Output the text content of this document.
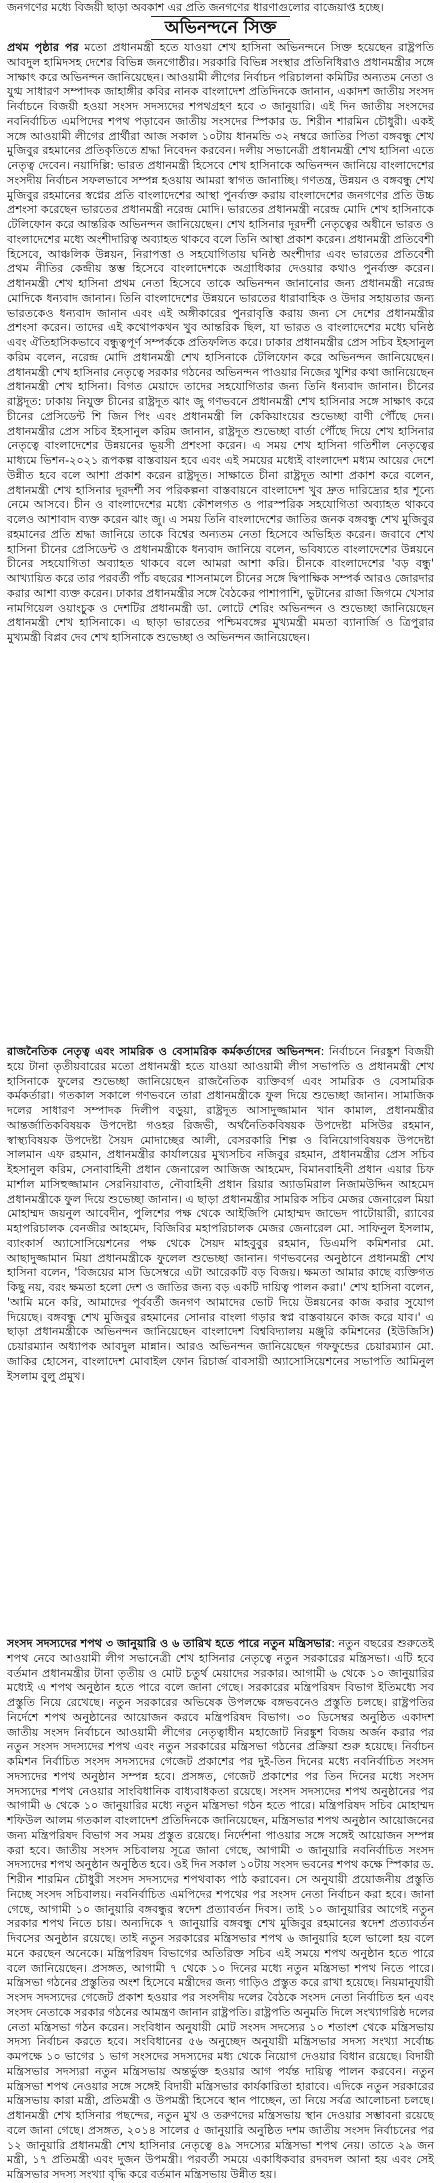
জনগণের মধ্যে বিজয়ী ছাড়া অবকাশ এর প্রতি জনগণের ধারণাগুলোর বাজেয়াপ্ত হচ্ছে।

অভিনন্দনে সিক্ত

প্রথম পৃষ্ঠার পর মতো প্রধানমন্ত্রী হতে যাওয়া শেখ হাসিনা অভিনন্দনে সিক্ত হয়েছেন রাষ্ট্রপতি আবদুল হামিদসহ দেশের বিভিন্ন জনগোষ্ঠীর। সরকারি বিভিন্ন সংস্থার প্রতিনিধিরাও প্রধানমন্ত্রীর সঙ্গে সাক্ষাৎ করে অভিনন্দন জানিয়েছেন। আওয়ামী লীগের নির্বাচন পরিচালনা কমিটির অন্যতম নেতা ও যুগ্ম সাধারণ সম্পাদক জাহাঙ্গীর কবির নানক বাংলাদেশ প্রতিদিনকে জানান, একাদশ জাতীয় সংসদ নির্বাচনে বিজয়ী হওয়া সংসদ সদস্যদের শপথগ্রহণ হবে ৩ জানুয়ারি। এই দিন জাতীয় সংসদের নবনির্বাচিত এমপিদের শপথ পড়াবেন জাতীয় সংসদের স্পিকার ড. শিরীন শারমিন চৌধুরী। একই সঙ্গে আওয়ামী লীগের প্রার্থীরা আজ সকাল ১০টায় ধানমন্ডি ৩২ নম্বরে জাতির পিতা বঙ্গবন্ধু শেখ মুজিবুর রহমানের প্রতিকৃতিতে শ্রদ্ধা নিবেদন করবেন। দলীয় সভানেত্রী প্রধানমন্ত্রী শেখ হাসিনা এতে নেতৃত্ব দেবেন। নয়াদিল্লি: ভারত প্রধানমন্ত্রী হিসেবে শেখ হাসিনাকে অভিনন্দন জানিয়ে বাংলাদেশের সংসদীয় নির্বাচন সফলভাবে সম্পন্ন হওয়ায় আমরা স্বাগত জানাচ্ছি। গণতন্ত্র, উন্নয়ন ও বঙ্গবন্ধু শেখ মুজিবুর রহমানের স্বপ্নের প্রতি বাংলাদেশের আস্থা পুনর্ব্যক্ত করায় বাংলাদেশের জনগণের প্রতি উচ্চ প্রশংসা করেছেন ভারতের প্রধানমন্ত্রী নরেন্দ্র মোদি। ভারতের প্রধানমন্ত্রী নরেন্দ্র মোদি শেখ হাসিনাকে টেলিফোন করে আন্তরিক অভিনন্দন জানিয়েছেন। শেখ হাসিনার দূরদর্শী নেতৃত্বের অধীনে ভারত ও বাংলাদেশের মধ্যে অংশীদারিত্ব অব্যাহত থাকবে বলে তিনি আস্থা প্রকাশ করেন। প্রধানমন্ত্রী প্রতিবেশী হিসেবে, আঞ্চলিক উন্নয়ন, নিরাপত্তা ও সহযোগিতায় ঘনিষ্ঠ অংশীদার এবং ভারতের প্রতিবেশী প্রথম নীতির কেন্দ্রীয় স্তম্ভ হিসেবে বাংলাদেশকে অগ্রাধিকার দেওয়ার কথাও পুনর্ব্যক্ত করেন। প্রধানমন্ত্রী শেখ হাসিনা প্রথম নেতা হিসেবে তাকে অভিনন্দন জানানোর জন্য প্রধানমন্ত্রী নরেন্দ্র মোদিকে ধন্যবাদ জানান। তিনি বাংলাদেশের উন্নয়নে ভারতের ধারাবাহিক ও উদার সহায়তার জন্য ভারতকেও ধন্যবাদ জানান এবং এই অঙ্গীকারের পুনরাবৃত্তি করায় জন্য সে দেশের প্রধানমন্ত্রীর প্রশংসা করেন। তাদের এই কথোপকথন খুব আন্তরিক ছিল, যা ভারত ও বাংলাদেশের মধ্যে ঘনিষ্ঠ এবং ঐতিহাসিকভাবে বন্ধুত্বপূর্ণ সম্পর্ককে প্রতিফলিত করে। ঢাকার প্রধানমন্ত্রীর প্রেস সচিব ইহসানুল করিম বলেন, নরেন্দ্র মোদি প্রধানমন্ত্রী শেখ হাসিনাকে টেলিফোন করে অভিনন্দন জানিয়েছেন। প্রধানমন্ত্রী শেখ হাসিনার নেতৃত্বে সরকার গঠনের অভিনন্দন পাওয়ার নিজের খুশির কথা জানিয়েছেন প্রধানমন্ত্রী শেখ হাসিনা। বিগত মেয়াদে তাদের সহযোগিতার জন্য তিনি ধন্যবাদ জানান। চীনের রাষ্ট্রদূত: ঢাকায় নিযুক্ত চীনের রাষ্ট্রদূত ঝাং জু গণভবনে প্রধানমন্ত্রী শেখ হাসিনার সঙ্গে সাক্ষাৎ করে চীনের প্রেসিডেন্ট শি জিন পিং এবং প্রধানমন্ত্রী লি কেকিয়াংয়ের শুভেচ্ছা বাণী পৌঁছে দেন। প্রধানমন্ত্রীর প্রেস সচিব ইহসানুল করিম জানান, রাষ্ট্রদূত শুভেচ্ছা বার্তা পৌঁছে দিয়ে শেখ হাসিনার নেতৃত্বে বাংলাদেশের উন্নয়নের ভূয়সী প্রশংসা করেন। এ সময় শেখ হাসিনা গতিশীল নেতৃত্বের মাধ্যমে ভিশন-২০২১ রূপকল্প বাস্তবায়ন হবে এবং এই সময়ের মধ্যেই বাংলাদেশ মধ্যম আয়ের দেশে উন্নীত হবে বলে আশা প্রকাশ করেন রাষ্ট্রদূত। সাক্ষাতে চীনা রাষ্ট্রদূত আশা প্রকাশ করে বলেন, প্রধানমন্ত্রী শেখ হাসিনার দূরদর্শী সব পরিকল্পনা বাস্তবায়নে বাংলাদেশ খুব দ্রুত দারিদ্র্যের হার শূন্যে নেমে আসবে। চীন ও বাংলাদেশের মধ্যে কৌশলগত ও পারস্পরিক সহযোগিতা অব্যাহত থাকবে বলেও আশাবাদ ব্যক্ত করেন ঝাং জু। এ সময় তিনি বাংলাদেশের জাতির জনক বঙ্গবন্ধু শেখ মুজিবুর রহমানের প্রতি শ্রদ্ধা জানিয়ে তাকে বিশ্বের অন্যতম নেতা হিসেবে অভিহিত করেন। জবাবে শেখ হাসিনা চীনের প্রেসিডেন্ট ও প্রধানমন্ত্রীকে ধন্যবাদ জানিয়ে বলেন, ভবিষ্যতে বাংলাদেশের উন্নয়নে চীনের সহযোগিতা অব্যাহত থাকবে বলে আমরা আশা করি। চীনকে বাংলাদেশের 'বড় বন্ধু' আখ্যায়িত করে তার পরবর্তী পাঁচ বছরের শাসনামলে চীনের সঙ্গে দ্বিপাক্ষিক সম্পর্ক আরও জোরদার করার আশা ব্যক্ত করেন। ঢাকার প্রধানমন্ত্রীর সঙ্গে বৈঠকের পাশাপাশি, ভুটানের রাজা জিগমে খেসার নামগিয়েল ওয়াংচুক ও দেশটির প্রধানমন্ত্রী ডা. লোটে শেরিং অভিনন্দন ও শুভেচ্ছা জানিয়েছেন প্রধানমন্ত্রী শেখ হাসিনাকে। এ ছাড়া ভারতের পশ্চিমবঙ্গের মুখ্যমন্ত্রী মমতা ব্যানার্জি ও ত্রিপুরার মুখ্যমন্ত্রী বিপ্লব দেব শেখ হাসিনাকে শুভেচ্ছা ও অভিনন্দন জানিয়েছেন।

রাজনৈতিক নেতৃত্ব এবং সামরিক ও বেসামরিক কর্মকর্তাদের অভিনন্দন: নির্বাচনে নিরঙ্কুশ বিজয়ী হয়ে টানা তৃতীয়বারের মতো প্রধানমন্ত্রী হতে যাওয়া আওয়ামী লীগ সভাপতি ও প্রধানমন্ত্রী শেখ হাসিনাকে ফুলের শুভেচ্ছা জানিয়েছেন রাজনৈতিক ব্যক্তিবর্গ এবং সামরিক ও বেসামরিক কর্মকর্তারা। গতকাল সকালে গণভবনে তারা প্রধানমন্ত্রীকে ফুল দিয়ে শুভেচ্ছা জানান। সামাজিক দলের সাধারণ সম্পাদক দিলীপ বড়ুয়া, রাষ্ট্রদূত আসাদুজ্জামান খান কামাল, প্রধানমন্ত্রীর আন্তর্জাতিকবিষয়ক উপদেষ্টা গওহর রিজভী, অর্থনৈতিকবিষয়ক উপদেষ্টা মসিউর রহমান, স্বাস্থ্যবিষয়ক উপদেষ্টা সৈয়দ মোদাচ্ছের আলী, বেসরকারি শিল্প ও বিনিয়োগবিষয়ক উপদেষ্টা সালমান এফ রহমান, প্রধানমন্ত্রীর কার্যালয়ের মুখ্যসচিব নজিবুর রহমান, প্রধানমন্ত্রীর প্রেস সচিব ইহসানুল করিম, সেনাবাহিনী প্রধান জেনারেল আজিজ আহমেদ, বিমানবাহিনী প্রধান এয়ার চিফ মার্শাল মাসিহুজ্জামান সেরনিয়াবাত, নৌবাহিনী প্রধান রিয়ার অ্যাডমিরাল নিজামউদ্দিন আহমেদ প্রধানমন্ত্রীকে ফুল দিয়ে শুভেচ্ছা জানান। এ ছাড়া প্রধানমন্ত্রীর সামরিক সচিব মেজর জেনারেল মিয়া মোহাম্মদ জয়নুল আবেদীন, পুলিশের পক্ষ থেকে আইজিপি মোহাম্মদ জাভেদ পাটোয়ারী, র‍্যাবের মহাপরিচালক বেনজীর আহমেদ, বিজিবির মহাপরিচালক মেজর জেনারেল মো. সাফিনুল ইসলাম, ব্যাংকার্স অ্যাসোসিয়েশনের পক্ষ থেকে সৈয়দ মাহবুবুর রহমান, ডিএমপি কমিশনার মো. আছাদুজ্জামান মিয়া প্রধানমন্ত্রীকে ফুলেল শুভেচ্ছা জানান। গণভবনের অনুষ্ঠানে প্রধানমন্ত্রী শেখ হাসিনা বলেন, 'বিজয়ের মাস ডিসেম্বরে এটা আরেকটি বড় বিজয়। ক্ষমতা আমার কাছে ব্যক্তিগত কিছু নয়, বরং ক্ষমতা হলো দেশ ও জাতির জন্য বড় একটি দায়িত্ব পালন করা।' শেখ হাসিনা বলেন, 'আমি মনে করি, আমাদের পূর্ববর্তী জনগণ আমাদের ভোট দিয়ে উন্নয়নের কাজ করার সুযোগ দিয়েছে। বঙ্গবন্ধু শেখ মুজিবুর রহমানের সোনার বাংলা গড়ার স্বপ্ন বাস্তবায়নে কাজ করে যাব।' এ ছাড়া প্রধানমন্ত্রীকে অভিনন্দন জানিয়েছেন বাংলাদেশ বিশ্ববিদ্যালয় মঞ্জুরি কমিশনের (ইউজিসি) চেয়ারম্যান অধ্যাপক আবদুল মান্নান। আরও অভিনন্দন জানিয়েছেন গফফুন্ডের চেয়ারম্যান মো. জাকির হোসেন, বাংলাদেশ মোবাইল ফোন রিচার্জ বাবসায়ী অ্যাসোসিয়েশনের সভাপতি আমিনুল ইসলাম বুলু প্রমুখ।

সংসদ সদস্যদের শপথ ৩ জানুয়ারি ও ৬ তারিখ হতে পারে নতুন মন্ত্রিসভার: নতুন বছরের শুরুতেই শপথ নেবে আওয়ামী লীগ সভানেত্রী শেখ হাসিনার নেতৃত্বে নতুন সরকারের মন্ত্রিসভা। এটি হবে বর্তমান প্রধানমন্ত্রীর টানা তৃতীয় ও মোট চতুর্থ মেয়াদের সরকার। আগামী ৬ থেকে ১০ জানুয়ারির মধ্যেই এ শপথ অনুষ্ঠান হতে পারে বলে জানা গেছে। সরকারের মন্ত্রিপরিষদ বিভাগ ইতিমধ্যে সব প্রস্তুতি নিয়ে রেখেছে। নতুন সরকারের অভিষেক উপলক্ষে বঙ্গভবনেও প্রস্তুতি চলছে। রাষ্ট্রপতির নির্দেশে শপথ অনুষ্ঠানের আয়োজন করবে মন্ত্রিপরিষদ বিভাগ। ৩০ ডিসেম্বর অনুষ্ঠিত একাদশ জাতীয় সংসদ নির্বাচনে আওয়ামী লীগের নেতৃত্বাধীন মহাজোট নিরঙ্কুশ বিজয় অর্জন করার পর নতুন সংসদ সদস্যদের শপথ এবং নতুন সরকারের মন্ত্রিসভা গঠনের প্রক্রিয়া শুরু হয়েছে। নির্বাচন কমিশন নির্বাচিত সংসদ সদস্যদের গেজেট প্রকাশের পর দুই-তিন দিনের মধ্যে নবনির্বাচিত সংসদ সদস্যদের শপথ অনুষ্ঠান সম্পন্ন হবে। প্রসঙ্গত, গেজেট প্রকাশের পর তিন দিনের মধ্যে সংসদ সদস্যদের শপথ নেওয়ার সাংবিধানিক বাধ্যবাধকতা রয়েছে। সংসদ সদস্যদের শপথ অনুষ্ঠানের পর আগামী ৬ থেকে ১০ জানুয়ারির মধ্যে নতুন মন্ত্রিসভা গঠন হতে পারে। মন্ত্রিপরিষদ সচিব মোহাম্মদ শফিউল আলম গতকাল বাংলাদেশ প্রতিদিনকে জানিয়েছেন, মন্ত্রিসভার শপথ অনুষ্ঠান আয়োজনের জন্য মন্ত্রিপরিষদ বিভাগ সব সময় প্রস্তুত রয়েছে। নির্দেশনা পাওয়ার সঙ্গে সঙ্গেই আয়োজন সম্পন্ন করা হবে। জাতীয় সংসদ সচিবালয় সূত্রে জানা গেছে, আগামী ৩ জানুয়ারি নবনির্বাচিত সংসদ সদস্যদের শপথ অনুষ্ঠান অনুষ্ঠিত হবে। ওই দিন সকাল ১০টায় সংসদ ভবনের শপথ কক্ষে স্পিকার ড. শিরীন শারমিন চৌধুরী সংসদ সদস্যদের শপথবাক্য পাঠ করাবেন। সে অনুযায়ী প্রয়োজনীয় প্রস্তুতি নিচ্ছে সংসদ সচিবালয়। নবনির্বাচিত এমপিদের শপথের পর সংসদ নেতা নির্বাচন করা হবে। জানা গেছে, আগামী ১০ জানুয়ারি বঙ্গবন্ধুর স্বদেশ প্রত্যাবর্তন দিবস। তাই ১০ জানুয়ারির আগেই নতুন সরকার শপথ নিতে চায়। অন্যদিকে ৭ জানুয়ারি বঙ্গবন্ধু শেখ মুজিবুর রহমানের স্বদেশ প্রত্যাবর্তন দিবসের অনুষ্ঠান রয়েছে। তাই নতুন সরকারের মন্ত্রিসভার শপথ ৬ জানুয়ারি হলে ভালো হয় বলে মনে করছেন অনেকে। মন্ত্রিপরিষদ বিভাগের অতিরিক্ত সচিব এই সময়ে শপথ অনুষ্ঠান হতে পারে বলে জানিয়েছেন। প্রসঙ্গত, আগামী ৭ থেকে ১০ দিনের মধ্যে নতুন মন্ত্রিসভা শপথ নিতে পারে। মন্ত্রিসভা গঠনের প্রস্তুতির অংশ হিসেবে মন্ত্রীদের জন্য গাড়িও প্রস্তুত করে রাখা হয়েছে। নিয়মানুযায়ী সংসদ সদস্যদের গেজেট প্রকাশ হওয়ার পর সংসদীয় দলের বৈঠকে সংসদ নেতা নির্বাচিত হন এবং সংসদ নেতাকে সরকার গঠনের আমন্ত্রণ জানান রাষ্ট্রপতি। রাষ্ট্রপতি অনুমতি দিলে সংখ্যাগরিষ্ঠ দলের নেতা মন্ত্রিসভা গঠন করেন। সংবিধান অনুযায়ী মোট সংসদ সদস্যের ১০ শতাংশ থেকে মন্ত্রিসভায় সদস্য নির্বাচন করতে হবে। সংবিধানের ৫৬ অনুচ্ছেদ অনুযায়ী মন্ত্রিসভার সদস্য সংখ্যা সর্বোচ্চ কমপক্ষে ১০ ভাগের ১ ভাগ সংসদের সদস্যদের মধ্য থেকে নিয়োগ দেওয়ার বিধান রয়েছে। বিদায়ী মন্ত্রিসভার সদস্যরা নতুন মন্ত্রিসভায় অন্তর্ভুক্ত হওয়ার আগ পর্যন্ত দায়িত্ব পালন করবেন। নতুন মন্ত্রিসভা শপথ নেওয়ার সঙ্গে সঙ্গেই বিদায়ী মন্ত্রিসভার কার্যকারিতা হারাবে। এদিকে নতুন সরকারের মন্ত্রিসভায় কারা মন্ত্রী, প্রতিমন্ত্রী ও উপমন্ত্রী হিসেবে স্থান পাচ্ছেন, তা নিয়ে সর্বত্র আলোচনা চলছে। প্রধানমন্ত্রী শেখ হাসিনার পছন্দের, নতুন মুখ ও তরুণদের মন্ত্রিসভায় স্থান দেওয়ার সম্ভাবনা রয়েছে বলে জানা গেছে। প্রসঙ্গত, ২০১৪ সালের ৫ জানুয়ারি অনুষ্ঠিত দশম জাতীয় সংসদ নির্বাচনের পর ১২ জানুয়ারি প্রধানমন্ত্রী শেখ হাসিনার নেতৃত্বে ৪৯ সদস্যের মন্ত্রিসভা শপথ নেয়। তাতে ২৯ জন মন্ত্রী, ১৭ প্রতিমন্ত্রী এবং দুজন উপমন্ত্রী। পরবর্তী সময়ে একাধিকবার রদবদল আনা হয় এবং সেই মন্ত্রিসভার সদস্য সংখ্যা বৃদ্ধি করে বর্তমান মন্ত্রিসভায় উন্নীত হয়।
